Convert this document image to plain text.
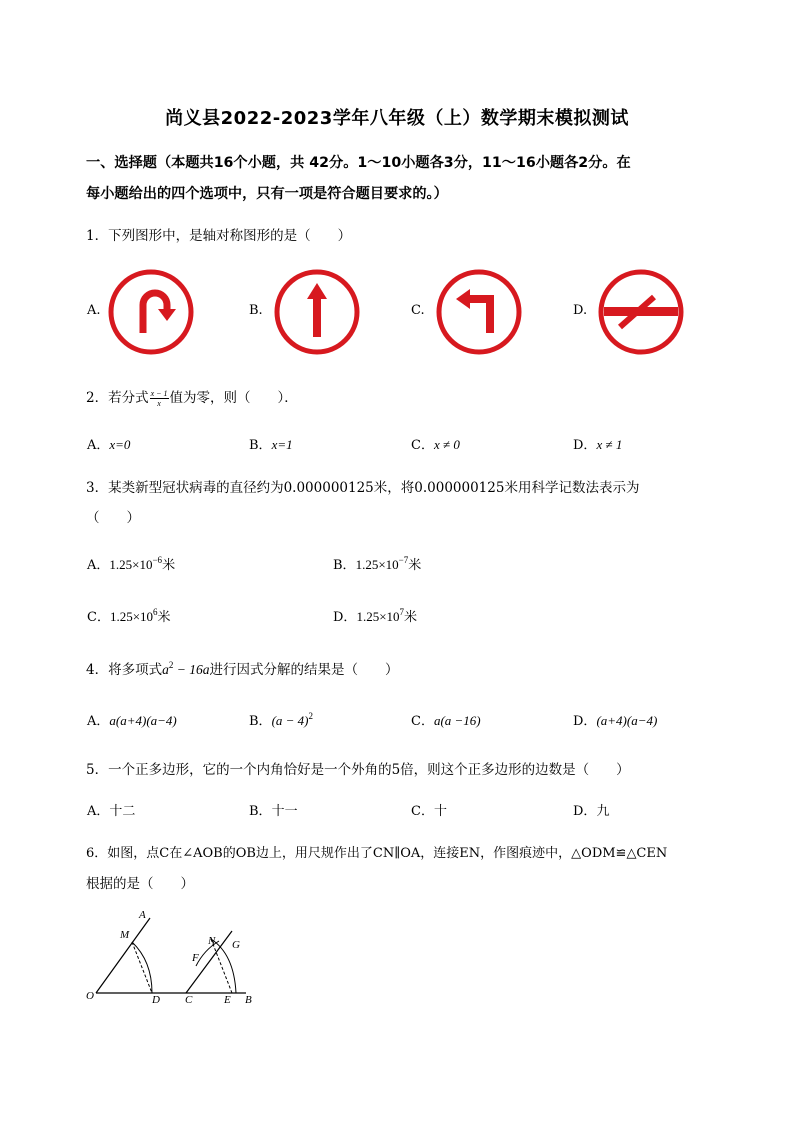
尚义县2022-2023学年八年级（上）数学期末模拟测试
一、选择题（本题共16个小题，共 42分。1～10小题各3分，11～16小题各2分。在
每小题给出的四个选项中，只有一项是符合题目要求的。）
1．下列图形中，是轴对称图形的是（　　）
A.	B.	C.	D.
2．若分式 $\frac{x - 1}{x}$ 值为零，则（　　）．
A．x=0	B．x=1	C．x ≠ 0	D．x ≠ 1
3．某类新型冠状病毒的直径约为0.000000125米，将0.000000125米用科学记数法表示为
（　　）
A．$1.25\times 10^{-6}$米	B．$1.25\times 10^{-7}$米
C．$1.25\times 10^6$米	D．$1.25\times 10^7$米
4．将多项式$a^2 - 16a$进行因式分解的结果是（　　）
A．a(a+4)(a−4)	B．$(a - 4)^2$	C．a(a −16)	D．(a+4)(a−4)
5．一个正多边形，它的一个内角恰好是一个外角的5倍，则这个正多边形的边数是（　　）
A．十二	B．十一	C．十	D．九
6．如图，点C在∠AOB的OB边上，用尺规作出了CN∥OA，连接EN，作图痕迹中，△ODM≌△CEN
根据的是（　　）
A
M
O	D
N G
F
C	E B
